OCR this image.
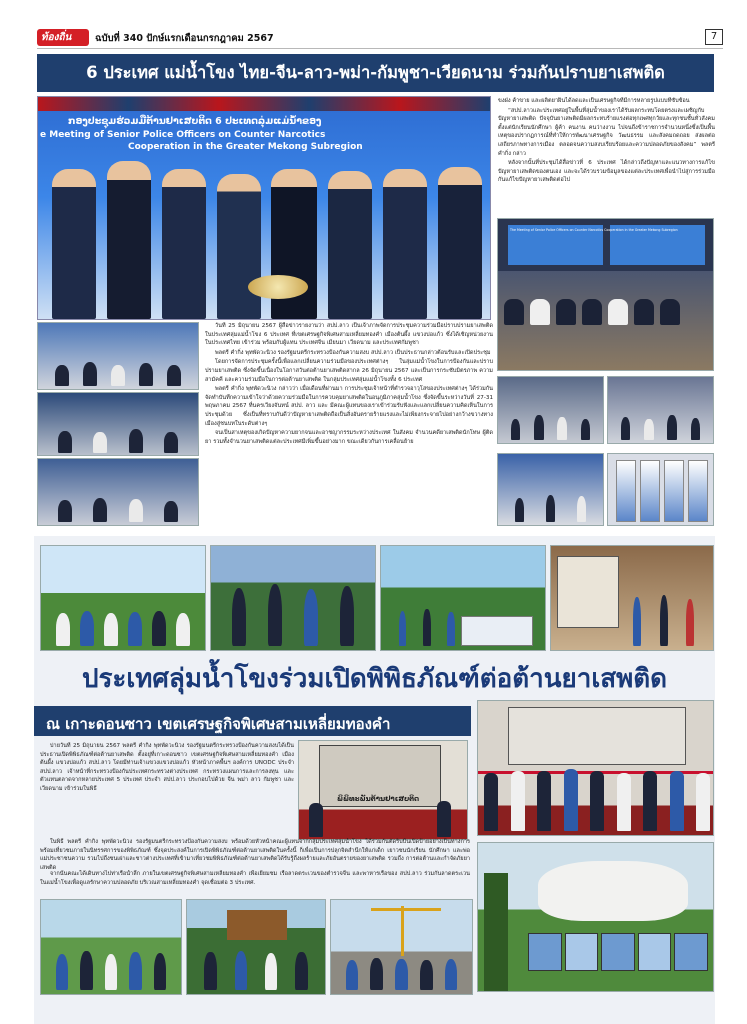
ท้องถิ่น ฉบับที่ 340 ปักษ์แรกเดือนกรกฎาคม 2567	7
6 ประเทศ แม่น้ำโขง ไทย-จีน-ลาว-พม่า-กัมพูชา-เวียดนาม ร่วมกันปราบยาเสพติด
ກອງປະຊຸມຮ່ວມມືຕ້ານຢາເສບຕິດ 6 ປະເທດລຸ່ມແມ່ນ້ຳຂອງ
e Meeting of Senior Police Officers on Counter Narcotics
Cooperation in the Greater Mekong Subregion

ขงฝ่ง ค้าขาย และผลิตยาฝิ่นได้ลดและเป็นเศรษฐกิจที่มีการหลายรูปแบบที่ซับซ้อน

“สปป.ลาวและประเทศอยู่ในพื้นที่ลุ่มน้ำของเราได้รับผลกระทบโดยตรงและเผชิญกับปัญหายาเสพติด ปัจจุบันยาเสพติดมีผลกระทบร้ายแรงต่อทุกเพศทุกวัยและทุกชนชั้นทั่วสังคม ตั้งแต่นักเรียนนักศึกษา ผู้ค้า คนงาน คนว่างงาน ไปจนถึงข้าราชการจำนวนหนึ่งซึ่งเป็นพื้นเหตุของปรากฏการณ์ที่ทำให้การพัฒนาเศรษฐกิจ วัฒนธรรม และสังคมถดถอย ส่งผลต่อเสถียรภาพทางการเมือง ตลอดจนความสงบเรียบร้อยและความปลอดภัยของสังคม” พลตรี คำกิ่ง กล่าว

หลังจากนั้นที่ประชุมได้สื่อข่าวที่ 6 ประเทศ ได้กล่าวถึงปัญหาและแนวทางการแก้ไขปัญหายาเสพติดของตนเอง และจะได้รวบรวมข้อมูลของแต่ละประเทศเพื่อนำไปสู่การร่วมมือกันแก้ไขปัญหายาเสพติดต่อไป

The Meeting of Senior Police Officers on Counter Narcotics Cooperation in the Greater Mekong Subregion

วันที่ 25 มิถุนายน 2567 ผู้สื่อข่าวรายงานว่า สปป.ลาว เป็นเจ้าภาพจัดการประชุมความร่วมมือปราบปรามยาเสพติดในประเทศลุ่มแม่น้ำโขง 6 ประเทศ ที่เขตเศรษฐกิจพิเศษสามเหลี่ยมทองคำ เมืองต้นผึ้ง แขวงบ่อแก้ว ซึ่งได้เชิญหน่วยงานในประเทศไทย เข้าร่วม พร้อมกับผู้แทน ประเทศจีน เมียนมา เวียดนาม และประเทศกัมพูชา

พลตรี คำกิ่ง พุทพัดวะนิวง รองรัฐมนตรีกระทรวงป้องกันความสงบ สปป.ลาว เป็นประธานกล่าวต้อนรับและเปิดประชุม

โดยการจัดการประชุมครั้งนี้เพื่อแลกเปลี่ยนความร่วมมือของประเทศต่างๆ ในลุ่มแม่น้ำโขงในการป้องกันและปราบปรามยาเสพติด ซึ่งจัดขึ้นเนื่องในโอกาสวันต่อต้านยาเสพติดสากล 26 มิถุนายน 2567 และเป็นการกระชับมิตรภาพ ความสามัคคี และความร่วมมือในการต่อต้านยาเสพติด ในกลุ่มประเทศลุ่มแม่น้ำโขงทั้ง 6 ประเทศ

พลตรี คำกิ่ง พุทพัดวะนิวง กล่าวว่า เมื่อเดือนที่ผ่านมา การประชุมเจ้าหน้าที่ตำรวจอาวุโสของประเทศต่างๆ ได้ร่วมกันจัดทำบันทึกความเข้าใจว่าด้วยความร่วมมือในการควบคุมยาเสพติดในอนุภูมิภาคลุ่มน้ำโขง ซึ่งจัดขึ้นระหว่างวันที่ 27-31 พฤษภาคม 2567 ที่นครเวียงจันทน์ สปป. ลาว และ มีคณะผู้แทนของเราเข้าร่วมรับฟังและแลกเปลี่ยนความคิดเห็นในการประชุมด้วย ซึ่งเป็นที่ทราบกันดีว่าปัญหายาเสพติดถือเป็นสิ่งอันตรายร้ายแรงและไม่เพียงกระจายไปอย่างกว้างขวางทางเมืองสู่ชนบทในระดับต่างๆ

จนเป็นสาเหตุของเกิดปัญหาความยากจนและอาชญากรรมระหว่างประเทศ ในสังคม จำนวนคดียาเสพติดนักโทษ ผู้ติดยา รวมทั้งจำนวนยาเสพติดแต่ละประเทศมีเพิ่มขึ้นอย่างมาก ขณะเดียวกันการเคลื่อนย้าย

ประเทศลุ่มน้ำโขงร่วมเปิดพิพิธภัณฑ์ต่อต้านยาเสพติด
ณ เกาะดอนซาว เขตเศรษฐกิจพิเศษสามเหลี่ยมทองคำ
ພິພິທະພັນຕ້ານຢາເສບຕິດ

บ่ายวันที่ 25 มิถุนายน 2567 พลตรี คำกิ่ง พุทพัดวะนิวง รองรัฐมนตรีกระทรวงป้องกันความสงบได้เป็นประธานเปิดพิพิธภัณฑ์ต่อต้านยาเสพติด ตั้งอยู่ที่เกาะดอนซาว เขตเศรษฐกิจพิเศษสามเหลี่ยมทองคำ เมืองต้นผึ้ง แขวงบ่อแก้ว สปป.ลาว โดยมีท่านเจ้าแขวงแขวงบ่อแก้ว หัวหน้าภาคพื้นฯ องค์การ UNODC ประจำ สปป.ลาว เจ้าหน้าที่กระทรวงป้องกันประเทศกระทรวงต่างประเทศ กระทรวงแผนการและการลงทุน และตัวแทนตลาดจากหลายประเทศ 5 ประเทศ ประจำ สปป.ลาว ประกอบไปด้วย จีน พม่า ลาว กัมพูชา และ เวียดนาม เข้าร่วมในพิธี

ในพิธี พลตรี คำกิ่ง พุทพัดวะนิวง รองรัฐมนตรีกระทรวงป้องกันความสงบ พร้อมด้วยหัวหน้าคณะผู้แทนจากกลุ่มประเทศลุ่มน้ำโขง ได้ร่วมกันตัดริบบิ้นเปิดป้ายอย่างเป็นทางการ พร้อมเที่ยวชมภายในนิทรรศการของพิพิธภัณฑ์ ซึ่งจุดประสงค์ในการเปิดพิพิธภัณฑ์ต่อต้านยาเสพติดในครั้งนี้ ก็เพื่อเป็นการปลุกจิตสำนึกให้แก่เด็ก เยาวชนนักเรียน นักศึกษา และพ่อแม่ประชาชนความ รวมไปถึงชนเผ่าและชาวต่างประเทศที่เข้ามาเที่ยวชมพิพิธภัณฑ์ต่อต้านยาเสพติดได้รับรู้ถึงผลร้ายและภัยอันตรายของยาเสพติด รวมถึง การต่อต้านและกำจัดภัยยาเสพติด

จากนั้นคณะได้เดินทางไปท่าเรือน้ำลึก ภายในเขตเศรษฐกิจพิเศษสามเหลี่ยมทองคำ เพื่อเยี่ยมชม เรือลาดตระเวนของตำรวจจีน และพาหารเรือของ สปป.ลาว ร่วมกันลาดตระเวนในแม่น้ำโขงเพื่อดูแลรักษาความปลอดภัย บริเวณสามเหลี่ยมทองคำ จุดเชื่อมต่อ 3 ประเทศ.
